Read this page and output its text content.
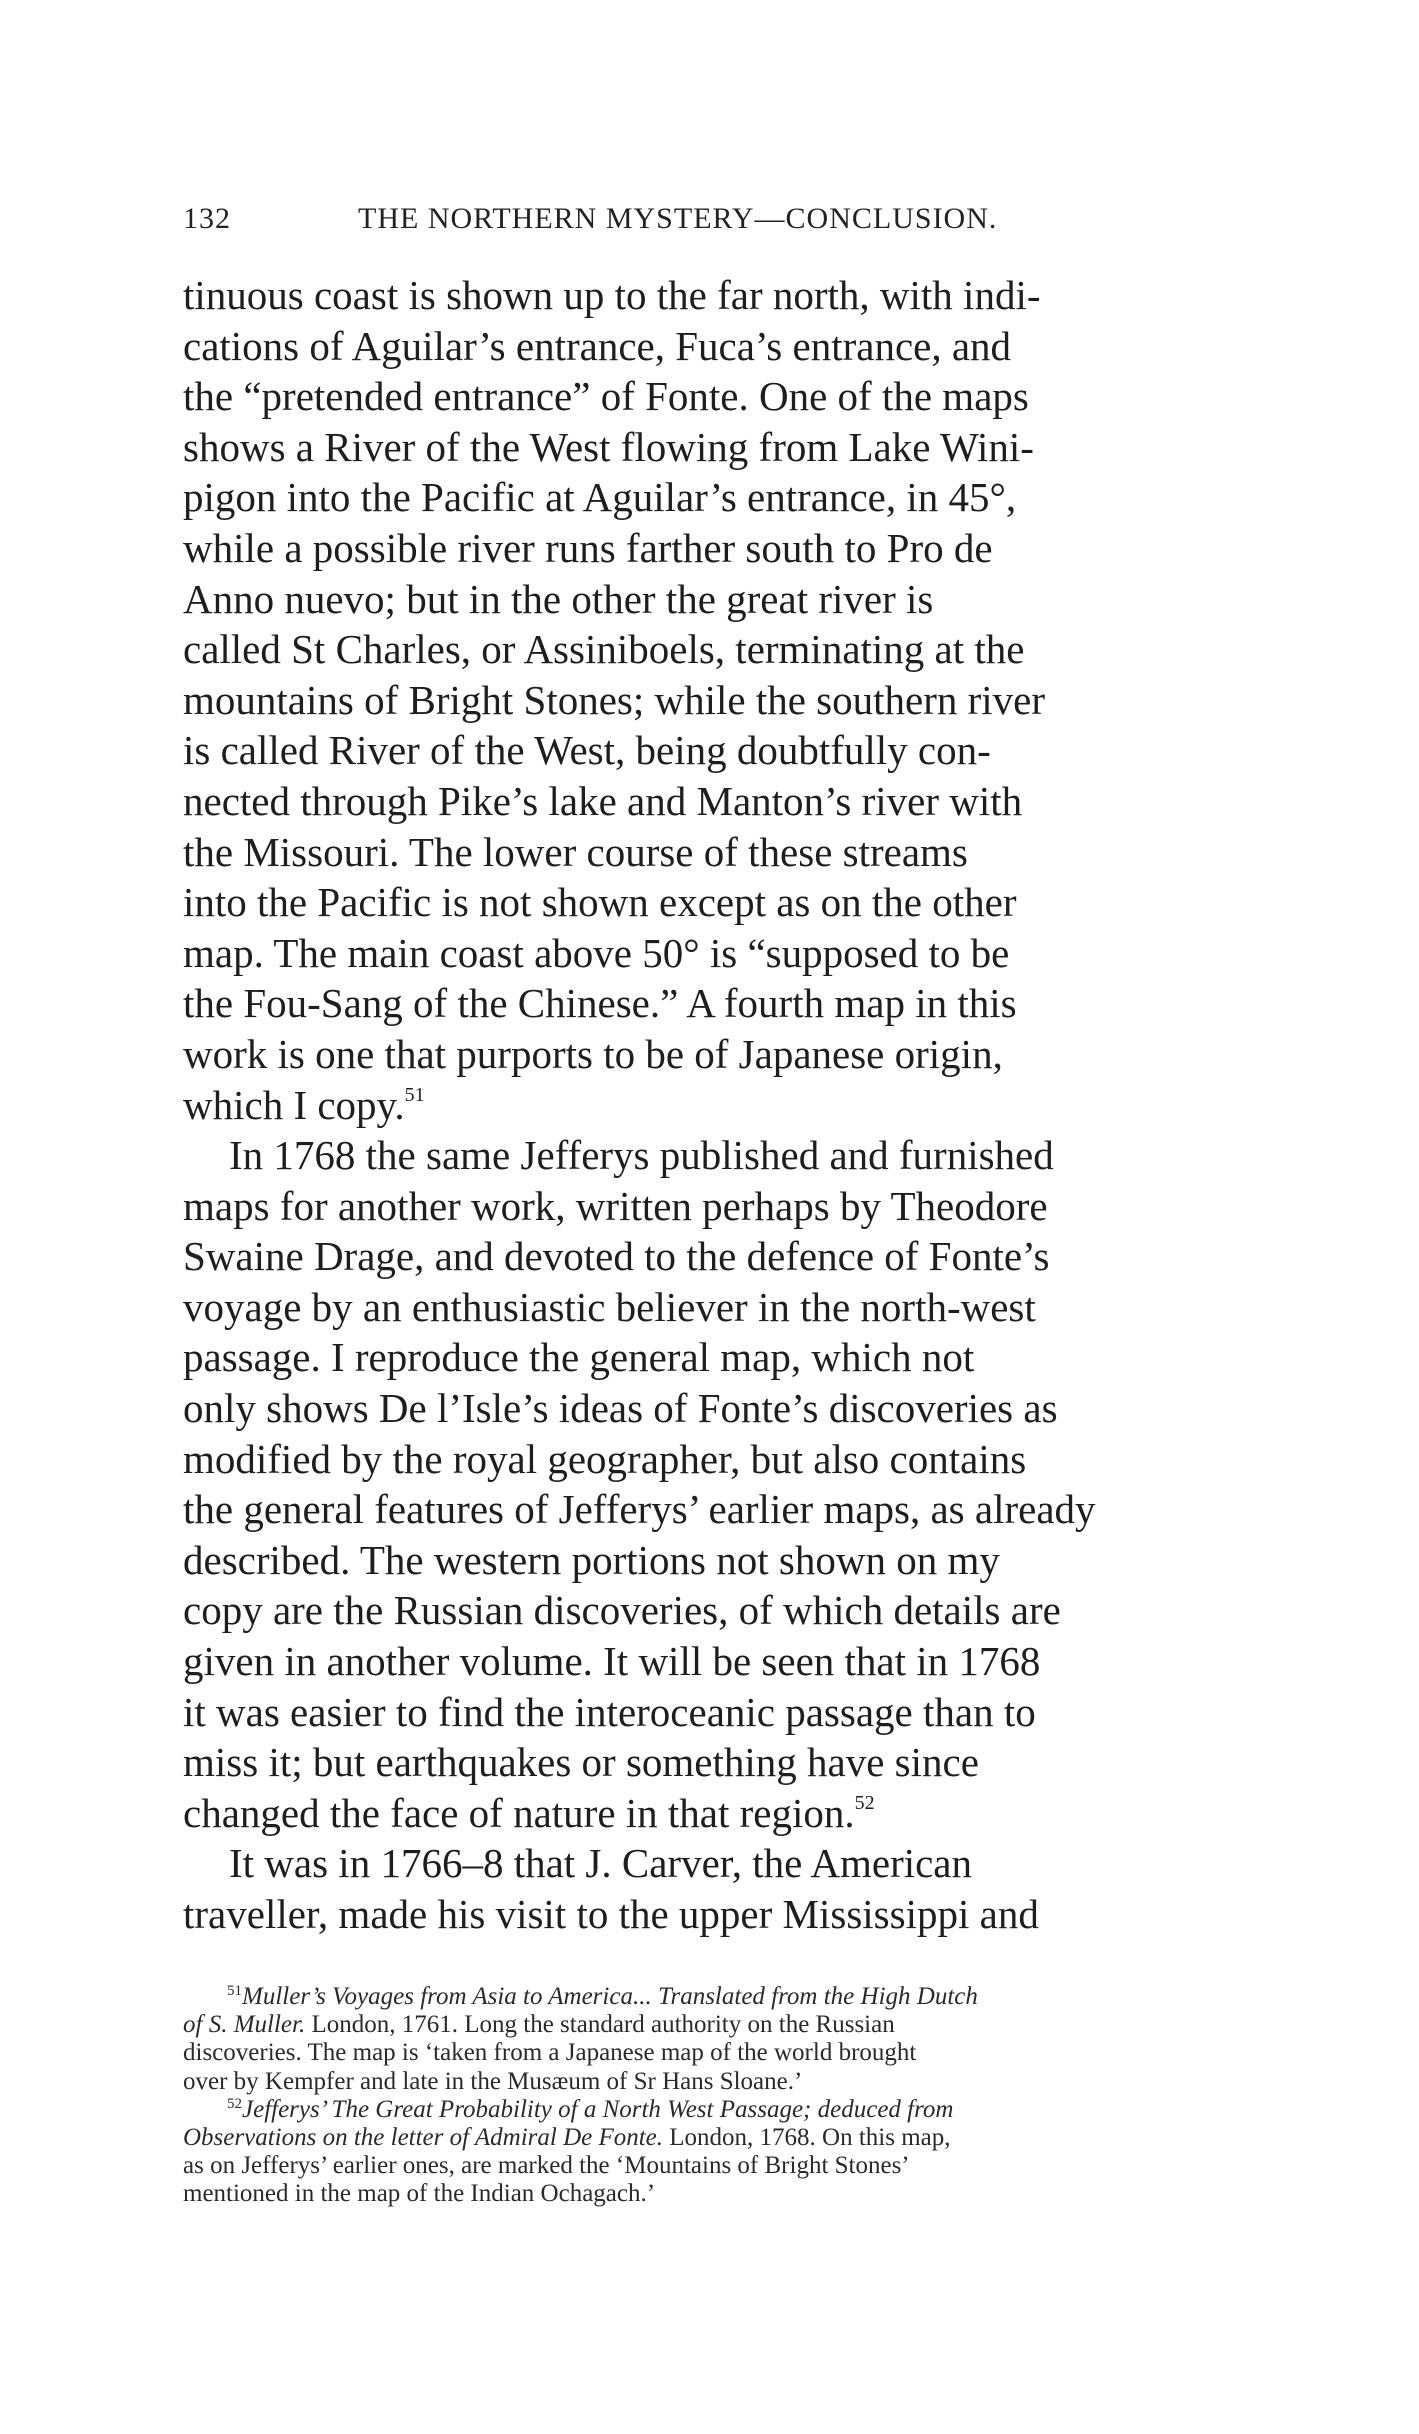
132	THE NORTHERN MYSTERY—CONCLUSION.
tinuous coast is shown up to the far north, with indi-
cations of Aguilar’s entrance, Fuca’s entrance, and
the “pretended entrance” of Fonte. One of the maps
shows a River of the West flowing from Lake Wini-
pigon into the Pacific at Aguilar’s entrance, in 45°,
while a possible river runs farther south to Pro de
Anno nuevo; but in the other the great river is
called St Charles, or Assiniboels, terminating at the
mountains of Bright Stones; while the southern river
is called River of the West, being doubtfully con-
nected through Pike’s lake and Manton’s river with
the Missouri. The lower course of these streams
into the Pacific is not shown except as on the other
map. The main coast above 50° is “supposed to be
the Fou-Sang of the Chinese.” A fourth map in this
work is one that purports to be of Japanese origin,
which I copy.$^{51}$
In 1768 the same Jefferys published and furnished
maps for another work, written perhaps by Theodore
Swaine Drage, and devoted to the defence of Fonte’s
voyage by an enthusiastic believer in the north-west
passage. I reproduce the general map, which not
only shows De l’Isle’s ideas of Fonte’s discoveries as
modified by the royal geographer, but also contains
the general features of Jefferys’ earlier maps, as already
described. The western portions not shown on my
copy are the Russian discoveries, of which details are
given in another volume. It will be seen that in 1768
it was easier to find the interoceanic passage than to
miss it; but earthquakes or something have since
changed the face of nature in that region.$^{52}$
It was in 1766–8 that J. Carver, the American
traveller, made his visit to the upper Mississippi and
$^{51}$Muller’s Voyages from Asia to America... Translated from the High Dutch
of S. Muller. London, 1761. Long the standard authority on the Russian
discoveries. The map is ‘taken from a Japanese map of the world brought
over by Kempfer and late in the Musæum of Sr Hans Sloane.’
$^{52}$Jefferys’ The Great Probability of a North West Passage; deduced from
Observations on the letter of Admiral De Fonte. London, 1768. On this map,
as on Jefferys’ earlier ones, are marked the ‘Mountains of Bright Stones’
mentioned in the map of the Indian Ochagach.’
